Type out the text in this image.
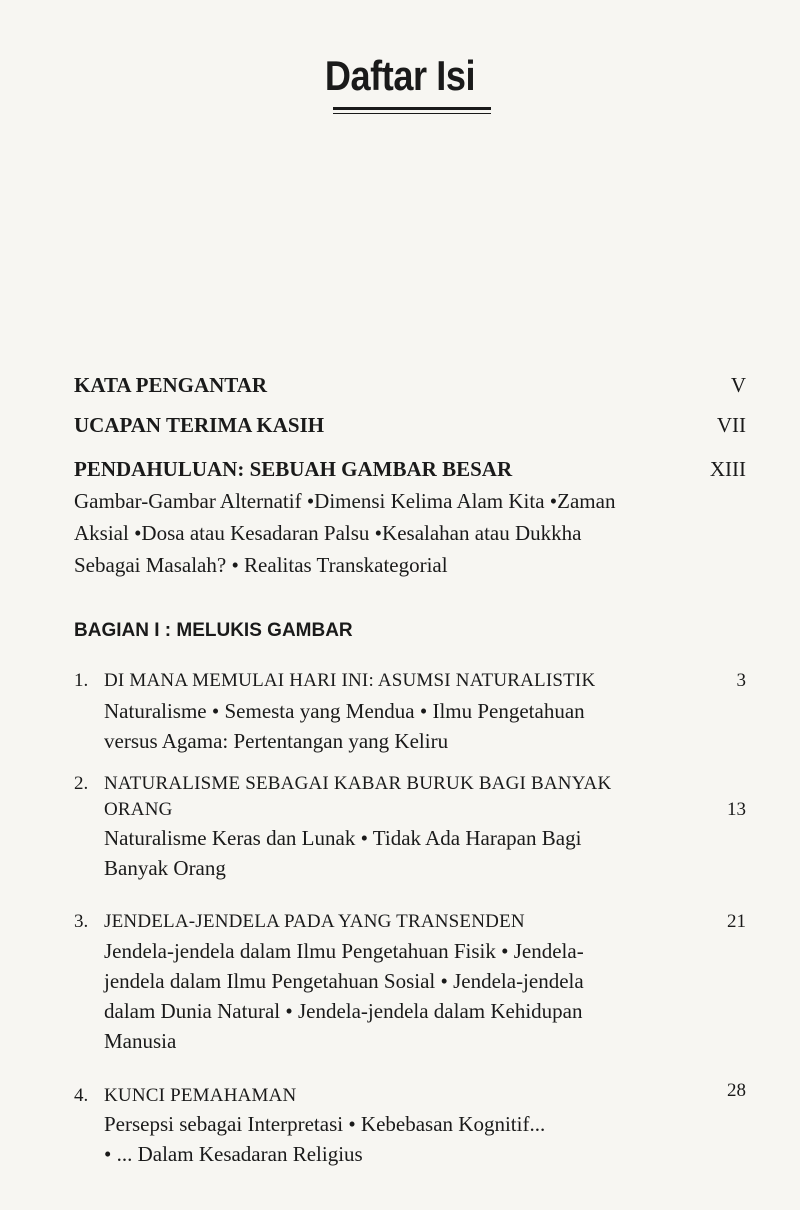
Daftar Isi
KATA PENGANTAR	V
UCAPAN TERIMA KASIH	VII
PENDAHULUAN: SEBUAH GAMBAR BESAR	XIII
Gambar-Gambar Alternatif •Dimensi Kelima Alam Kita •Zaman
Aksial •Dosa atau Kesadaran Palsu •Kesalahan atau Dukkha
Sebagai Masalah? • Realitas Transkategorial
BAGIAN I : MELUKIS GAMBAR
1. DI MANA MEMULAI HARI INI: ASUMSI NATURALISTIK	3
Naturalisme • Semesta yang Mendua • Ilmu Pengetahuan
versus Agama: Pertentangan yang Keliru
2. NATURALISME SEBAGAI KABAR BURUK BAGI BANYAK
ORANG	13
Naturalisme Keras dan Lunak • Tidak Ada Harapan Bagi
Banyak Orang
3. JENDELA-JENDELA PADA YANG TRANSENDEN	21
Jendela-jendela dalam Ilmu Pengetahuan Fisik • Jendela-
jendela dalam Ilmu Pengetahuan Sosial • Jendela-jendela
dalam Dunia Natural • Jendela-jendela dalam Kehidupan
Manusia
4. KUNCI PEMAHAMAN	28
Persepsi sebagai Interpretasi • Kebebasan Kognitif...
• ... Dalam Kesadaran Religius
